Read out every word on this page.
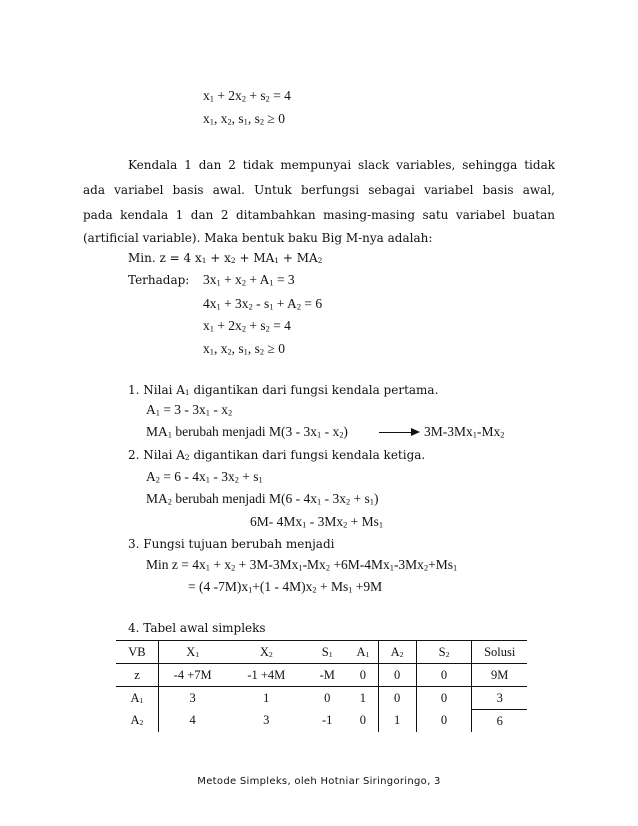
$x_1 + 2x_2 + s_2 = 4$
$x_1$, $x_2$, $s_1$, $s_2 \ge 0$
Kendala 1 dan 2 tidak mempunyai slack variables, sehingga tidak
ada variabel basis awal. Untuk berfungsi sebagai variabel basis awal,
pada kendala 1 dan 2 ditambahkan masing-masing satu variabel buatan
(artificial variable). Maka bentuk baku Big M-nya adalah:
Min. z = 4 $x_1 + x_2 + MA_1 + MA_2$
Terhadap: $3x_1 + x_2 + A_1 = 3$
$4x_1 + 3x_2 - s_1 + A_2 = 6$
$x_1 + 2x_2 + s_2 = 4$
$x_1$, $x_2$, $s_1$, $s_2 \ge 0$
1. Nilai $A_1$ digantikan dari fungsi kendala pertama.
$A_1 = 3 - 3x_1 - x_2$
$MA_1$ berubah menjadi $M(3 - 3x_1 - x_2)$	$3M-3Mx_1-Mx_2$
2. Nilai $A_2$ digantikan dari fungsi kendala ketiga.
$A_2 = 6 - 4x_1 - 3x_2 + s_1$
$MA_2$ berubah menjadi $M(6 - 4x_1 - 3x_2 + s_1)$
6M- $4Mx_1 - 3Mx_2 + Ms_1$
3. Fungsi tujuan berubah menjadi
Min $z = 4x_1 + x_2 + 3M-3Mx_1-Mx_2 +6M-4Mx_1-3Mx_2+Ms_1$
= (4 $-7M)x_1+(1 - 4M)x_2 + Ms_1 +9M$
4. Tabel awal simpleks
VB	$X_1$	$X_2$	$S_1$	$A_1$	$A_2$	$S_2$	Solusi
z	-4 +7M	-1 +4M	-M	0	0	0	9M
$A_1$	3	1	0	1	0	0	3
$A_2$	4	3	-1	0	1	0	6
Metode Simpleks, oleh Hotniar Siringoringo, 3
